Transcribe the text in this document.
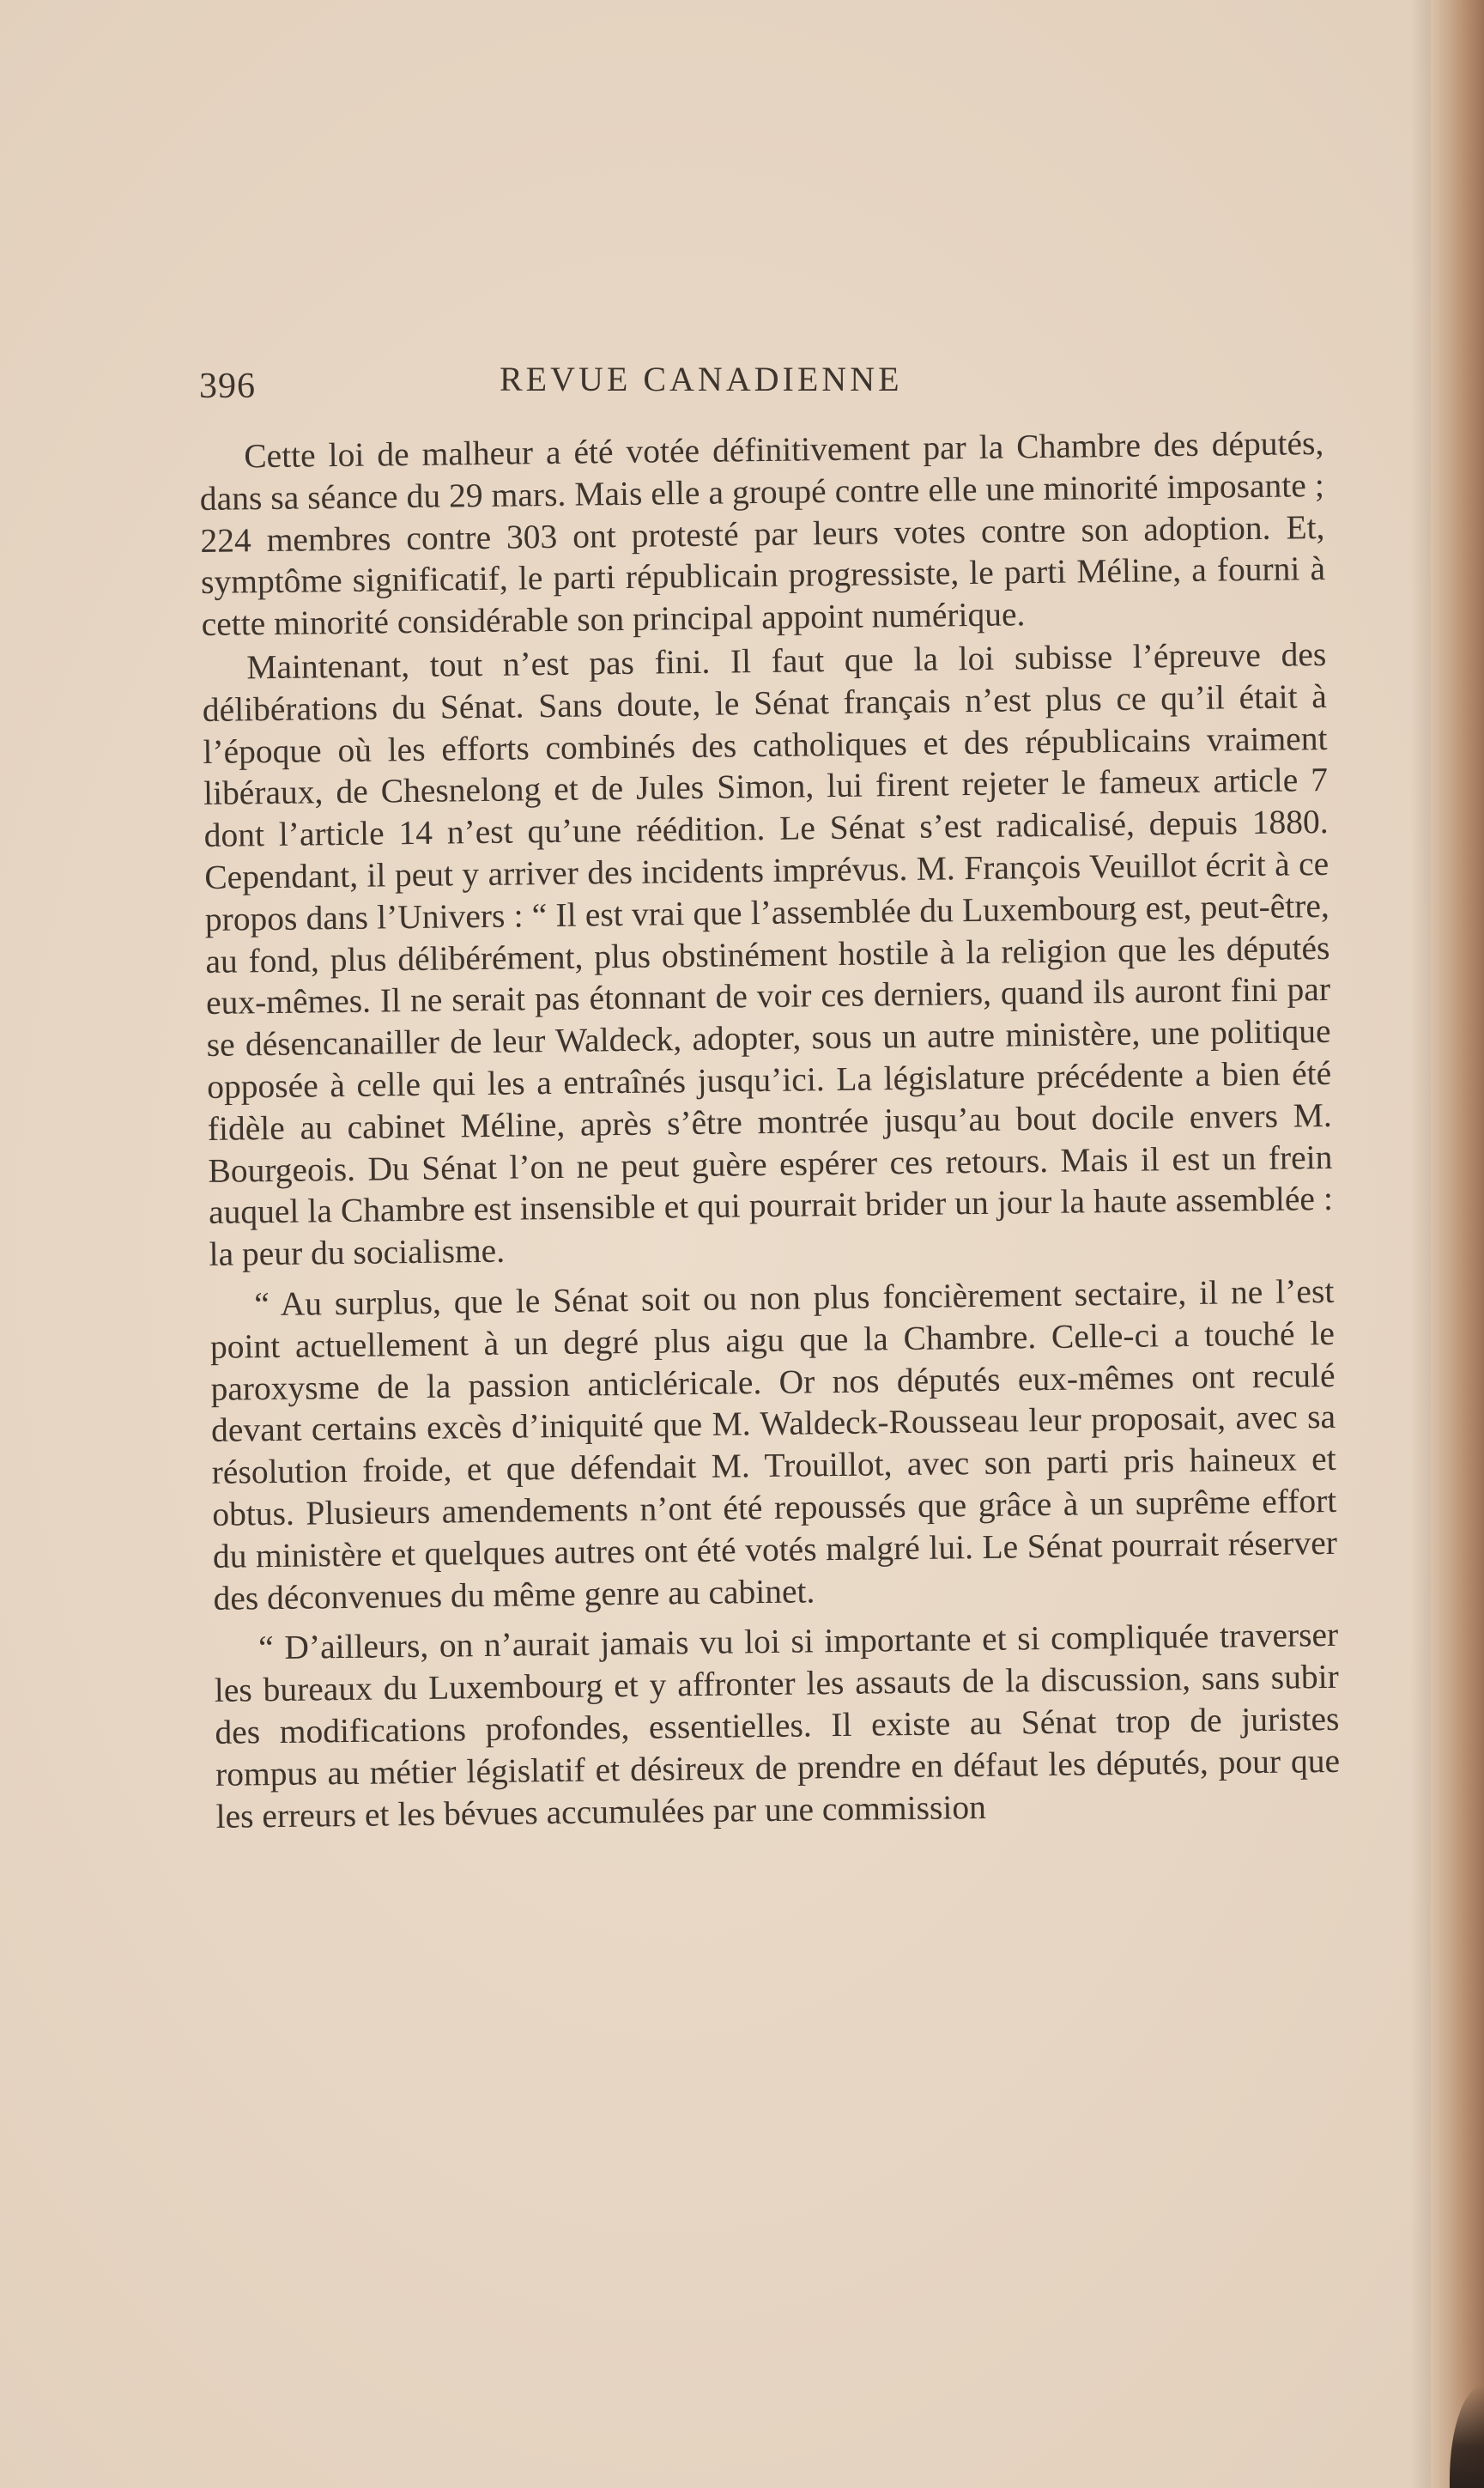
396	REVUE CANADIENNE

Cette loi de malheur a été votée définitivement par la Chambre des députés, dans sa séance du 29 mars. Mais elle a groupé contre elle une minorité imposante ; 224 membres contre 303 ont protesté par leurs votes contre son adoption. Et, symptôme significatif, le parti républicain progressiste, le parti Méline, a fourni à cette minorité considérable son principal appoint numérique.

Maintenant, tout n’est pas fini. Il faut que la loi subisse l’épreuve des délibérations du Sénat. Sans doute, le Sénat français n’est plus ce qu’il était à l’époque où les efforts combinés des catholiques et des républicains vraiment libéraux, de Chesnelong et de Jules Simon, lui firent rejeter le fameux article 7 dont l’article 14 n’est qu’une réédition. Le Sénat s’est radicalisé, depuis 1880. Cependant, il peut y arriver des incidents imprévus. M. François Veuillot écrit à ce propos dans l’Univers : “ Il est vrai que l’assemblée du Luxembourg est, peut-être, au fond, plus délibérément, plus obstinément hostile à la religion que les députés eux-mêmes. Il ne serait pas étonnant de voir ces derniers, quand ils auront fini par se désencanailler de leur Waldeck, adopter, sous un autre ministère, une politique opposée à celle qui les a entraînés jusqu’ici. La législature précédente a bien été fidèle au cabinet Méline, après s’être montrée jusqu’au bout docile envers M. Bourgeois. Du Sénat l’on ne peut guère espérer ces retours. Mais il est un frein auquel la Chambre est insensible et qui pourrait brider un jour la haute assemblée : la peur du socialisme.

“ Au surplus, que le Sénat soit ou non plus foncièrement sectaire, il ne l’est point actuellement à un degré plus aigu que la Chambre. Celle-ci a touché le paroxysme de la passion anticléricale. Or nos députés eux-mêmes ont reculé devant certains excès d’iniquité que M. Waldeck-Rousseau leur proposait, avec sa résolution froide, et que défendait M. Trouillot, avec son parti pris haineux et obtus. Plusieurs amendements n’ont été repoussés que grâce à un suprême effort du ministère et quelques autres ont été votés malgré lui. Le Sénat pourrait réserver des déconvenues du même genre au cabinet.

“ D’ailleurs, on n’aurait jamais vu loi si importante et si compliquée traverser les bureaux du Luxembourg et y affronter les assauts de la discussion, sans subir des modifications profondes, essentielles. Il existe au Sénat trop de juristes rompus au métier législatif et désireux de prendre en défaut les députés, pour que les erreurs et les bévues accumulées par une commission
